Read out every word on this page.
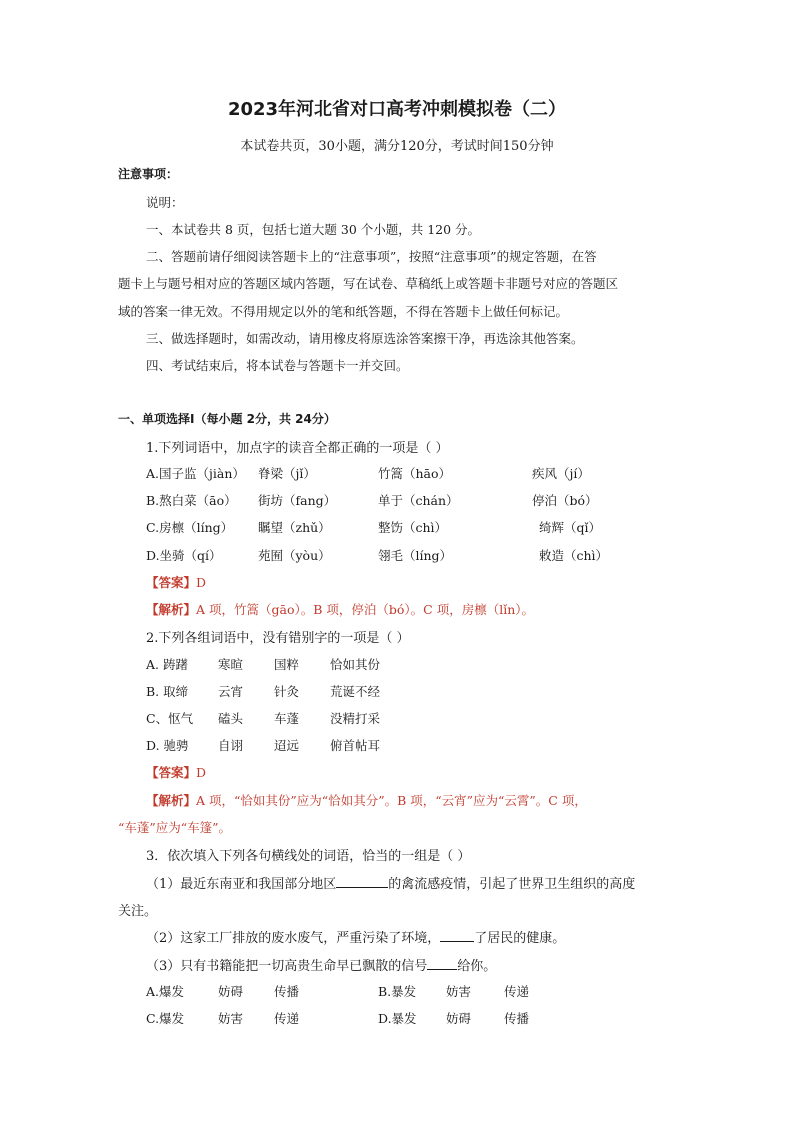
2023年河北省对口高考冲刺模拟卷（二）
本试卷共页，30小题，满分120分，考试时间150分钟
注意事项：
说明：
一、本试卷共 8 页，包括七道大题 30 个小题，共 120 分。
二、答题前请仔细阅读答题卡上的“注意事项”，按照“注意事项”的规定答题，在答
题卡上与题号相对应的答题区域内答题，写在试卷、草稿纸上或答题卡非题号对应的答题区
域的答案一律无效。不得用规定以外的笔和纸答题，不得在答题卡上做任何标记。
三、做选择题时，如需改动，请用橡皮将原选涂答案擦干净，再选涂其他答案。
四、考试结束后，将本试卷与答题卡一并交回。
一、单项选择Ⅰ（每小题 2分，共 24分）
1.下列词语中，加点字的读音全都正确的一项是（ ）
A.国子监（jiàn） 脊梁（jǐ）	竹篙（hāo）	疾风（jí）
B.熬白菜（āo） 街坊（fang）	单于（chán）	停泊（bó）
C.房檩（líng） 瞩望（zhǔ）	整饬（chì）	绮辉（qǐ）
D.坐骑（qí）	苑囿（yòu）	翎毛（líng）	敕造（chì）
【答案】D
【解析】A 项，竹篙（gāo）。B 项，停泊（bó）。C 项，房檩（lǐn）。
2.下列各组词语中，没有错别字的一项是（ ）
A. 踌躇 寒暄 国粹 恰如其份
B. 取缔 云宵 针灸 荒诞不经
C、怄气 磕头 车蓬 没精打采
D. 驰骋 自诩 迢远 俯首帖耳
【答案】D
【解析】A 项，“恰如其份”应为“恰如其分”。B 项，“云宵”应为“云霄”。C 项，
“车蓬”应为“车篷”。
3．依次填入下列各句横线处的词语，恰当的一组是（ ）
（1）最近东南亚和我国部分地区	的禽流感疫情，引起了世界卫生组织的高度
关注。
（2）这家工厂排放的废水废气，严重污染了环境，	了居民的健康。
（3）只有书籍能把一切高贵生命早已飘散的信号 给你。
A.爆发	妨碍 传播	B.暴发 妨害	传递
C.爆发	妨害 传递	D.暴发 妨碍	传播
